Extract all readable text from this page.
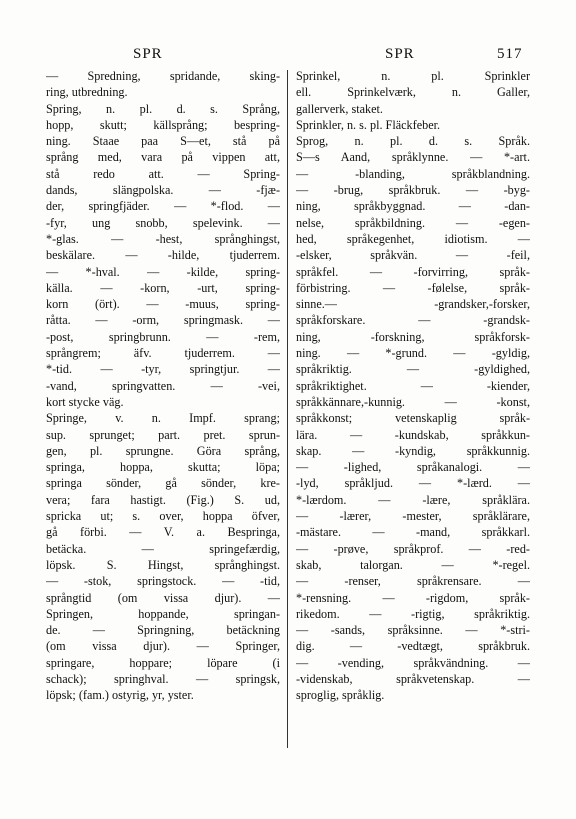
SPR	SPR	517
— Spredning, spridande, sking-
ring, utbredning.
Spring, n. pl. d. s. Språng,
hopp, skutt; källsprång; bespring-
ning. Staae paa S—et, stå på
språng med, vara på vippen att,
stå redo att. — Spring-
dands, slängpolska. — -fjæ-
der, springfjäder. — *-flod. —
-fyr, ung snobb, spelevink. —
*-glas. — -hest, språnghingst,
beskälare. — -hilde, tjuderrem.
— *-hval. — -kilde, spring-
källa. — -korn, -urt, spring-
korn (ört). — -muus, spring-
råtta. — -orm, springmask. —
-post, springbrunn. — -rem,
språngrem; äfv. tjuderrem. —
*-tid. — -tyr, springtjur. —
-vand, springvatten. — -vei,
kort stycke väg.
Springe, v. n. Impf. sprang;
sup. sprunget; part. pret. sprun-
gen, pl. sprungne. Göra språng,
springa, hoppa, skutta; löpa;
springa sönder, gå sönder, kre-
vera; fara hastigt. (Fig.) S. ud,
spricka ut; s. over, hoppa öfver,
gå förbi. — V. a. Bespringa,
betäcka. — springefærdig,
löpsk. S. Hingst, språnghingst.
— -stok, springstock. — -tid,
språngtid (om vissa djur). —
Springen, hoppande, springan-
de. — Springning, betäckning
(om vissa djur). — Springer,
springare, hoppare; löpare (i
schack); springhval. — springsk,
löpsk; (fam.) ostyrig, yr, yster.
Sprinkel, n. pl. Sprinkler
ell. Sprinkelværk, n. Galler,
gallerverk, staket.
Sprinkler, n. s. pl. Fläckfeber.
Sprog, n. pl. d. s. Språk.
S—s Aand, språklynne. — *-art.
— -blanding, språkblandning.
— -brug, språkbruk. — -byg-
ning, språkbyggnad. — -dan-
nelse, språkbildning. — -egen-
hed, språkegenhet, idiotism. —
-elsker, språkvän. — -feil,
språkfel. — -forvirring, språk-
förbistring. — -følelse, språk-
sinne.— -grandsker,-forsker,
språkforskare. — -grandsk-
ning, -forskning, språkforsk-
ning. — *-grund. — -gyldig,
språkriktig. — -gyldighed,
språkriktighet. — -kiender,
språkkännare,-kunnig. — -konst,
språkkonst; vetenskaplig språk-
lära. — -kundskab, språkkun-
skap. — -kyndig, språkkunnig.
— -lighed, språkanalogi. —
-lyd, språkljud. — *-lærd. —
*-lærdom. — -lære, språklära.
— -lærer, -mester, språklärare,
-mästare. — -mand, språkkarl.
— -prøve, språkprof. — -red-
skab, talorgan. — *-regel.
— -renser, språkrensare. —
*-rensning. — -rigdom, språk-
rikedom. — -rigtig, språkriktig.
— -sands, språksinne. — *-stri-
dig. — -vedtægt, språkbruk.
— -vending, språkvändning. —
-videnskab, språkvetenskap. —
sproglig, språklig.
